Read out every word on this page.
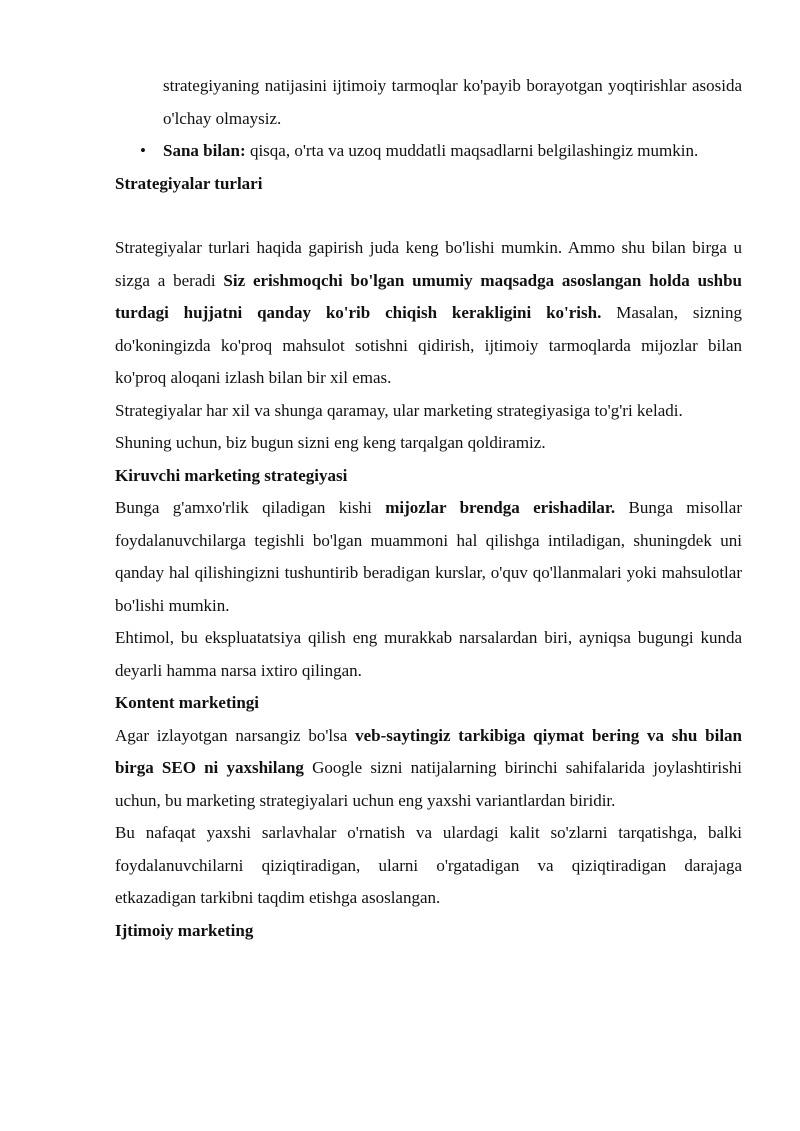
strategiyaning natijasini ijtimoiy tarmoqlar ko'payib borayotgan yoqtirishlar asosida o'lchay olmaysiz.

• Sana bilan: qisqa, o'rta va uzoq muddatli maqsadlarni belgilashingiz mumkin.

Strategiyalar turlari

Strategiyalar turlari haqida gapirish juda keng bo'lishi mumkin. Ammo shu bilan birga u sizga a beradi Siz erishmoqchi bo'lgan umumiy maqsadga asoslangan holda ushbu turdagi hujjatni qanday ko'rib chiqish kerakligini ko'rish. Masalan, sizning do'koningizda ko'proq mahsulot sotishni qidirish, ijtimoiy tarmoqlarda mijozlar bilan ko'proq aloqani izlash bilan bir xil emas.

Strategiyalar har xil va shunga qaramay, ular marketing strategiyasiga to'g'ri keladi.

Shuning uchun, biz bugun sizni eng keng tarqalgan qoldiramiz.

Kiruvchi marketing strategiyasi

Bunga g'amxo'rlik qiladigan kishi mijozlar brendga erishadilar. Bunga misollar foydalanuvchilarga tegishli bo'lgan muammoni hal qilishga intiladigan, shuningdek uni qanday hal qilishingizni tushuntirib beradigan kurslar, o'quv qo'llanmalari yoki mahsulotlar bo'lishi mumkin.

Ehtimol, bu ekspluatatsiya qilish eng murakkab narsalardan biri, ayniqsa bugungi kunda deyarli hamma narsa ixtiro qilingan.

Kontent marketingi

Agar izlayotgan narsangiz bo'lsa veb-saytingiz tarkibiga qiymat bering va shu bilan birga SEO ni yaxshilang Google sizni natijalarning birinchi sahifalarida joylashtirishi uchun, bu marketing strategiyalari uchun eng yaxshi variantlardan biridir.

Bu nafaqat yaxshi sarlavhalar o'rnatish va ulardagi kalit so'zlarni tarqatishga, balki foydalanuvchilarni qiziqtiradigan, ularni o'rgatadigan va qiziqtiradigan darajaga etkazadigan tarkibni taqdim etishga asoslangan.

Ijtimoiy marketing
